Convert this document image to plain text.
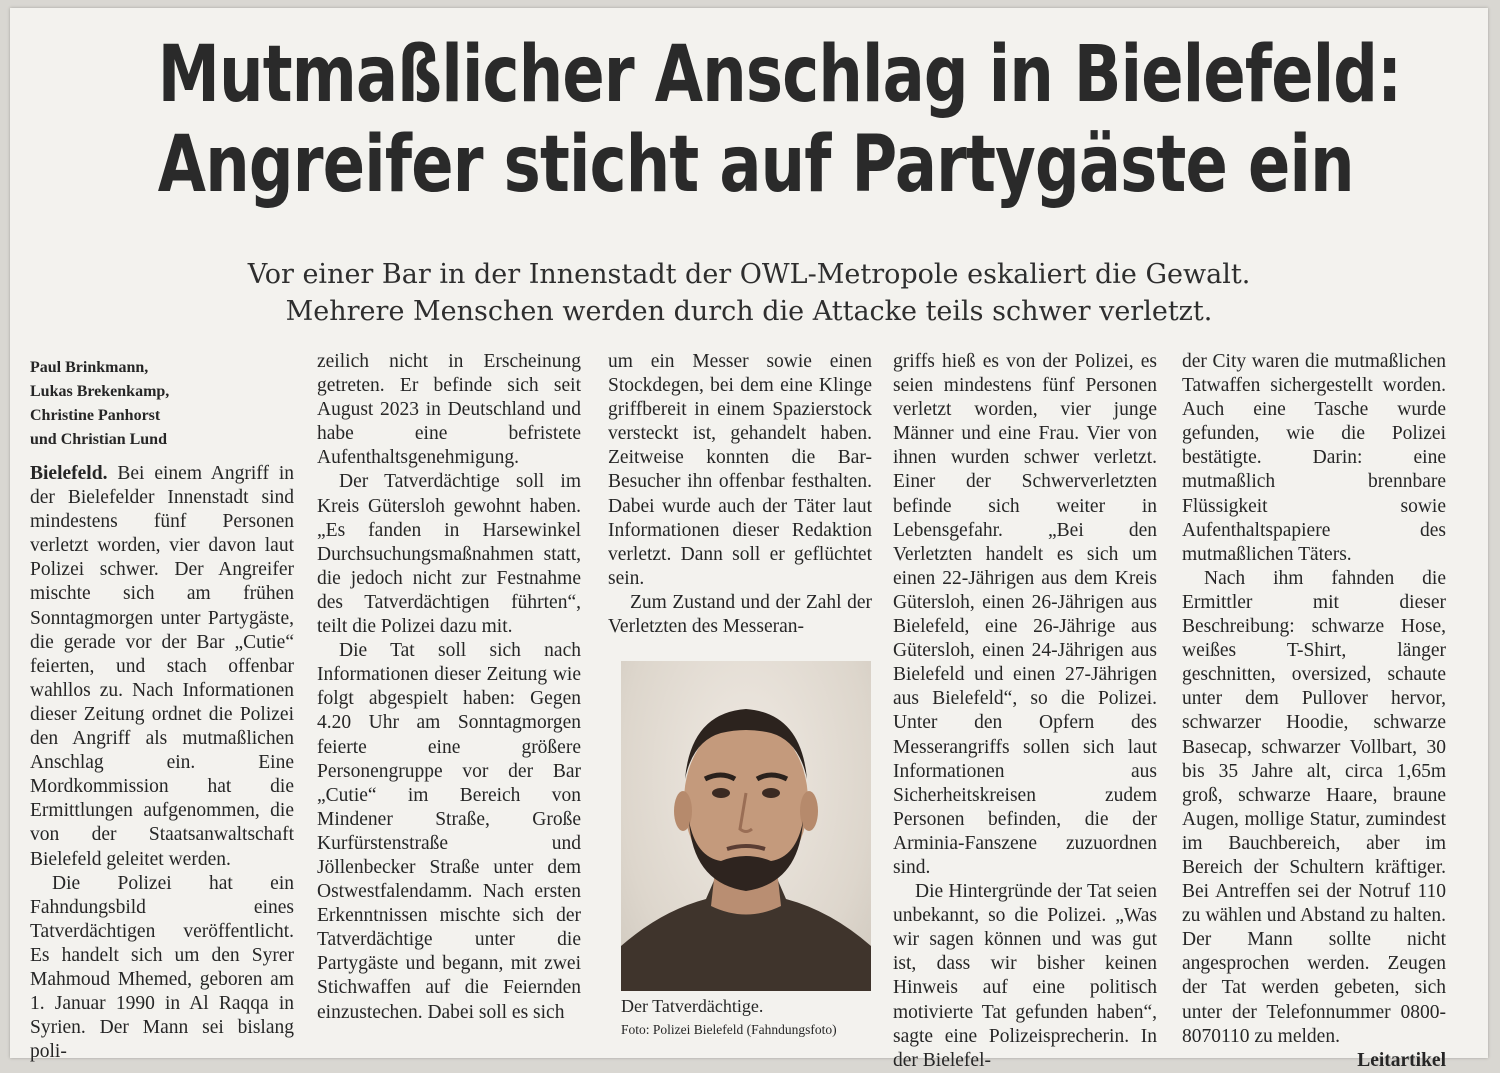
Mutmaßlicher Anschlag in Bielefeld:
Angreifer sticht auf Partygäste ein
Vor einer Bar in der Innenstadt der OWL-Metropole eskaliert die Gewalt.
Mehrere Menschen werden durch die Attacke teils schwer verletzt.
Paul Brinkmann,
Lukas Brekenkamp,
Christine Panhorst
und Christian Lund

Bielefeld. Bei einem Angriff in der Bielefelder Innenstadt sind mindestens fünf Personen verletzt worden, vier davon laut Polizei schwer. Der Angreifer mischte sich am frühen Sonntagmorgen unter Partygäste, die gerade vor der Bar „Cutie“ feierten, und stach offenbar wahllos zu. Nach Informationen dieser Zeitung ordnet die Polizei den Angriff als mutmaßlichen Anschlag ein. Eine Mordkommission hat die Ermittlungen aufgenommen, die von der Staatsanwaltschaft Bielefeld geleitet werden.

Die Polizei hat ein Fahndungsbild eines Tatverdächtigen veröffentlicht. Es handelt sich um den Syrer Mahmoud Mhemed, geboren am 1. Januar 1990 in Al Raqqa in Syrien. Der Mann sei bislang poli-

zeilich nicht in Erscheinung getreten. Er befinde sich seit August 2023 in Deutschland und habe eine befristete Aufenthaltsgenehmigung.

Der Tatverdächtige soll im Kreis Gütersloh gewohnt haben. „Es fanden in Harsewinkel Durchsuchungsmaßnahmen statt, die jedoch nicht zur Festnahme des Tatverdächtigen führten“, teilt die Polizei dazu mit.

Die Tat soll sich nach Informationen dieser Zeitung wie folgt abgespielt haben: Gegen 4.20 Uhr am Sonntagmorgen feierte eine größere Personengruppe vor der Bar „Cutie“ im Bereich von Mindener Straße, Große Kurfürstenstraße und Jöllenbecker Straße unter dem Ostwestfalendamm. Nach ersten Erkenntnissen mischte sich der Tatverdächtige unter die Partygäste und begann, mit zwei Stichwaffen auf die Feiernden einzustechen. Dabei soll es sich

um ein Messer sowie einen Stockdegen, bei dem eine Klinge griffbereit in einem Spazierstock versteckt ist, gehandelt haben. Zeitweise konnten die Bar-Besucher ihn offenbar festhalten. Dabei wurde auch der Täter laut Informationen dieser Redaktion verletzt. Dann soll er geflüchtet sein.

Zum Zustand und der Zahl der Verletzten des Messeran-

Der Tatverdächtige.
Foto: Polizei Bielefeld (Fahndungsfoto)

griffs hieß es von der Polizei, es seien mindestens fünf Personen verletzt worden, vier junge Männer und eine Frau. Vier von ihnen wurden schwer verletzt. Einer der Schwerverletzten befinde sich weiter in Lebensgefahr. „Bei den Verletzten handelt es sich um einen 22-Jährigen aus dem Kreis Gütersloh, einen 26-Jährigen aus Bielefeld, eine 26-Jährige aus Gütersloh, einen 24-Jährigen aus Bielefeld und einen 27-Jährigen aus Bielefeld“, so die Polizei. Unter den Opfern des Messerangriffs sollen sich laut Informationen aus Sicherheitskreisen zudem Personen befinden, die der Arminia-Fanszene zuzuordnen sind.

Die Hintergründe der Tat seien unbekannt, so die Polizei. „Was wir sagen können und was gut ist, dass wir bisher keinen Hinweis auf eine politisch motivierte Tat gefunden haben“, sagte eine Polizeisprecherin. In der Bielefel-

der City waren die mutmaßlichen Tatwaffen sichergestellt worden. Auch eine Tasche wurde gefunden, wie die Polizei bestätigte. Darin: eine mutmaßlich brennbare Flüssigkeit sowie Aufenthaltspapiere des mutmaßlichen Täters.

Nach ihm fahnden die Ermittler mit dieser Beschreibung: schwarze Hose, weißes T-Shirt, länger geschnitten, oversized, schaute unter dem Pullover hervor, schwarzer Hoodie, schwarze Basecap, schwarzer Vollbart, 30 bis 35 Jahre alt, circa 1,65m groß, schwarze Haare, braune Augen, mollige Statur, zumindest im Bauchbereich, aber im Bereich der Schultern kräftiger. Bei Antreffen sei der Notruf 110 zu wählen und Abstand zu halten. Der Mann sollte nicht angesprochen werden. Zeugen der Tat werden gebeten, sich unter der Telefonnummer 0800-8070110 zu melden.
Leitartikel
